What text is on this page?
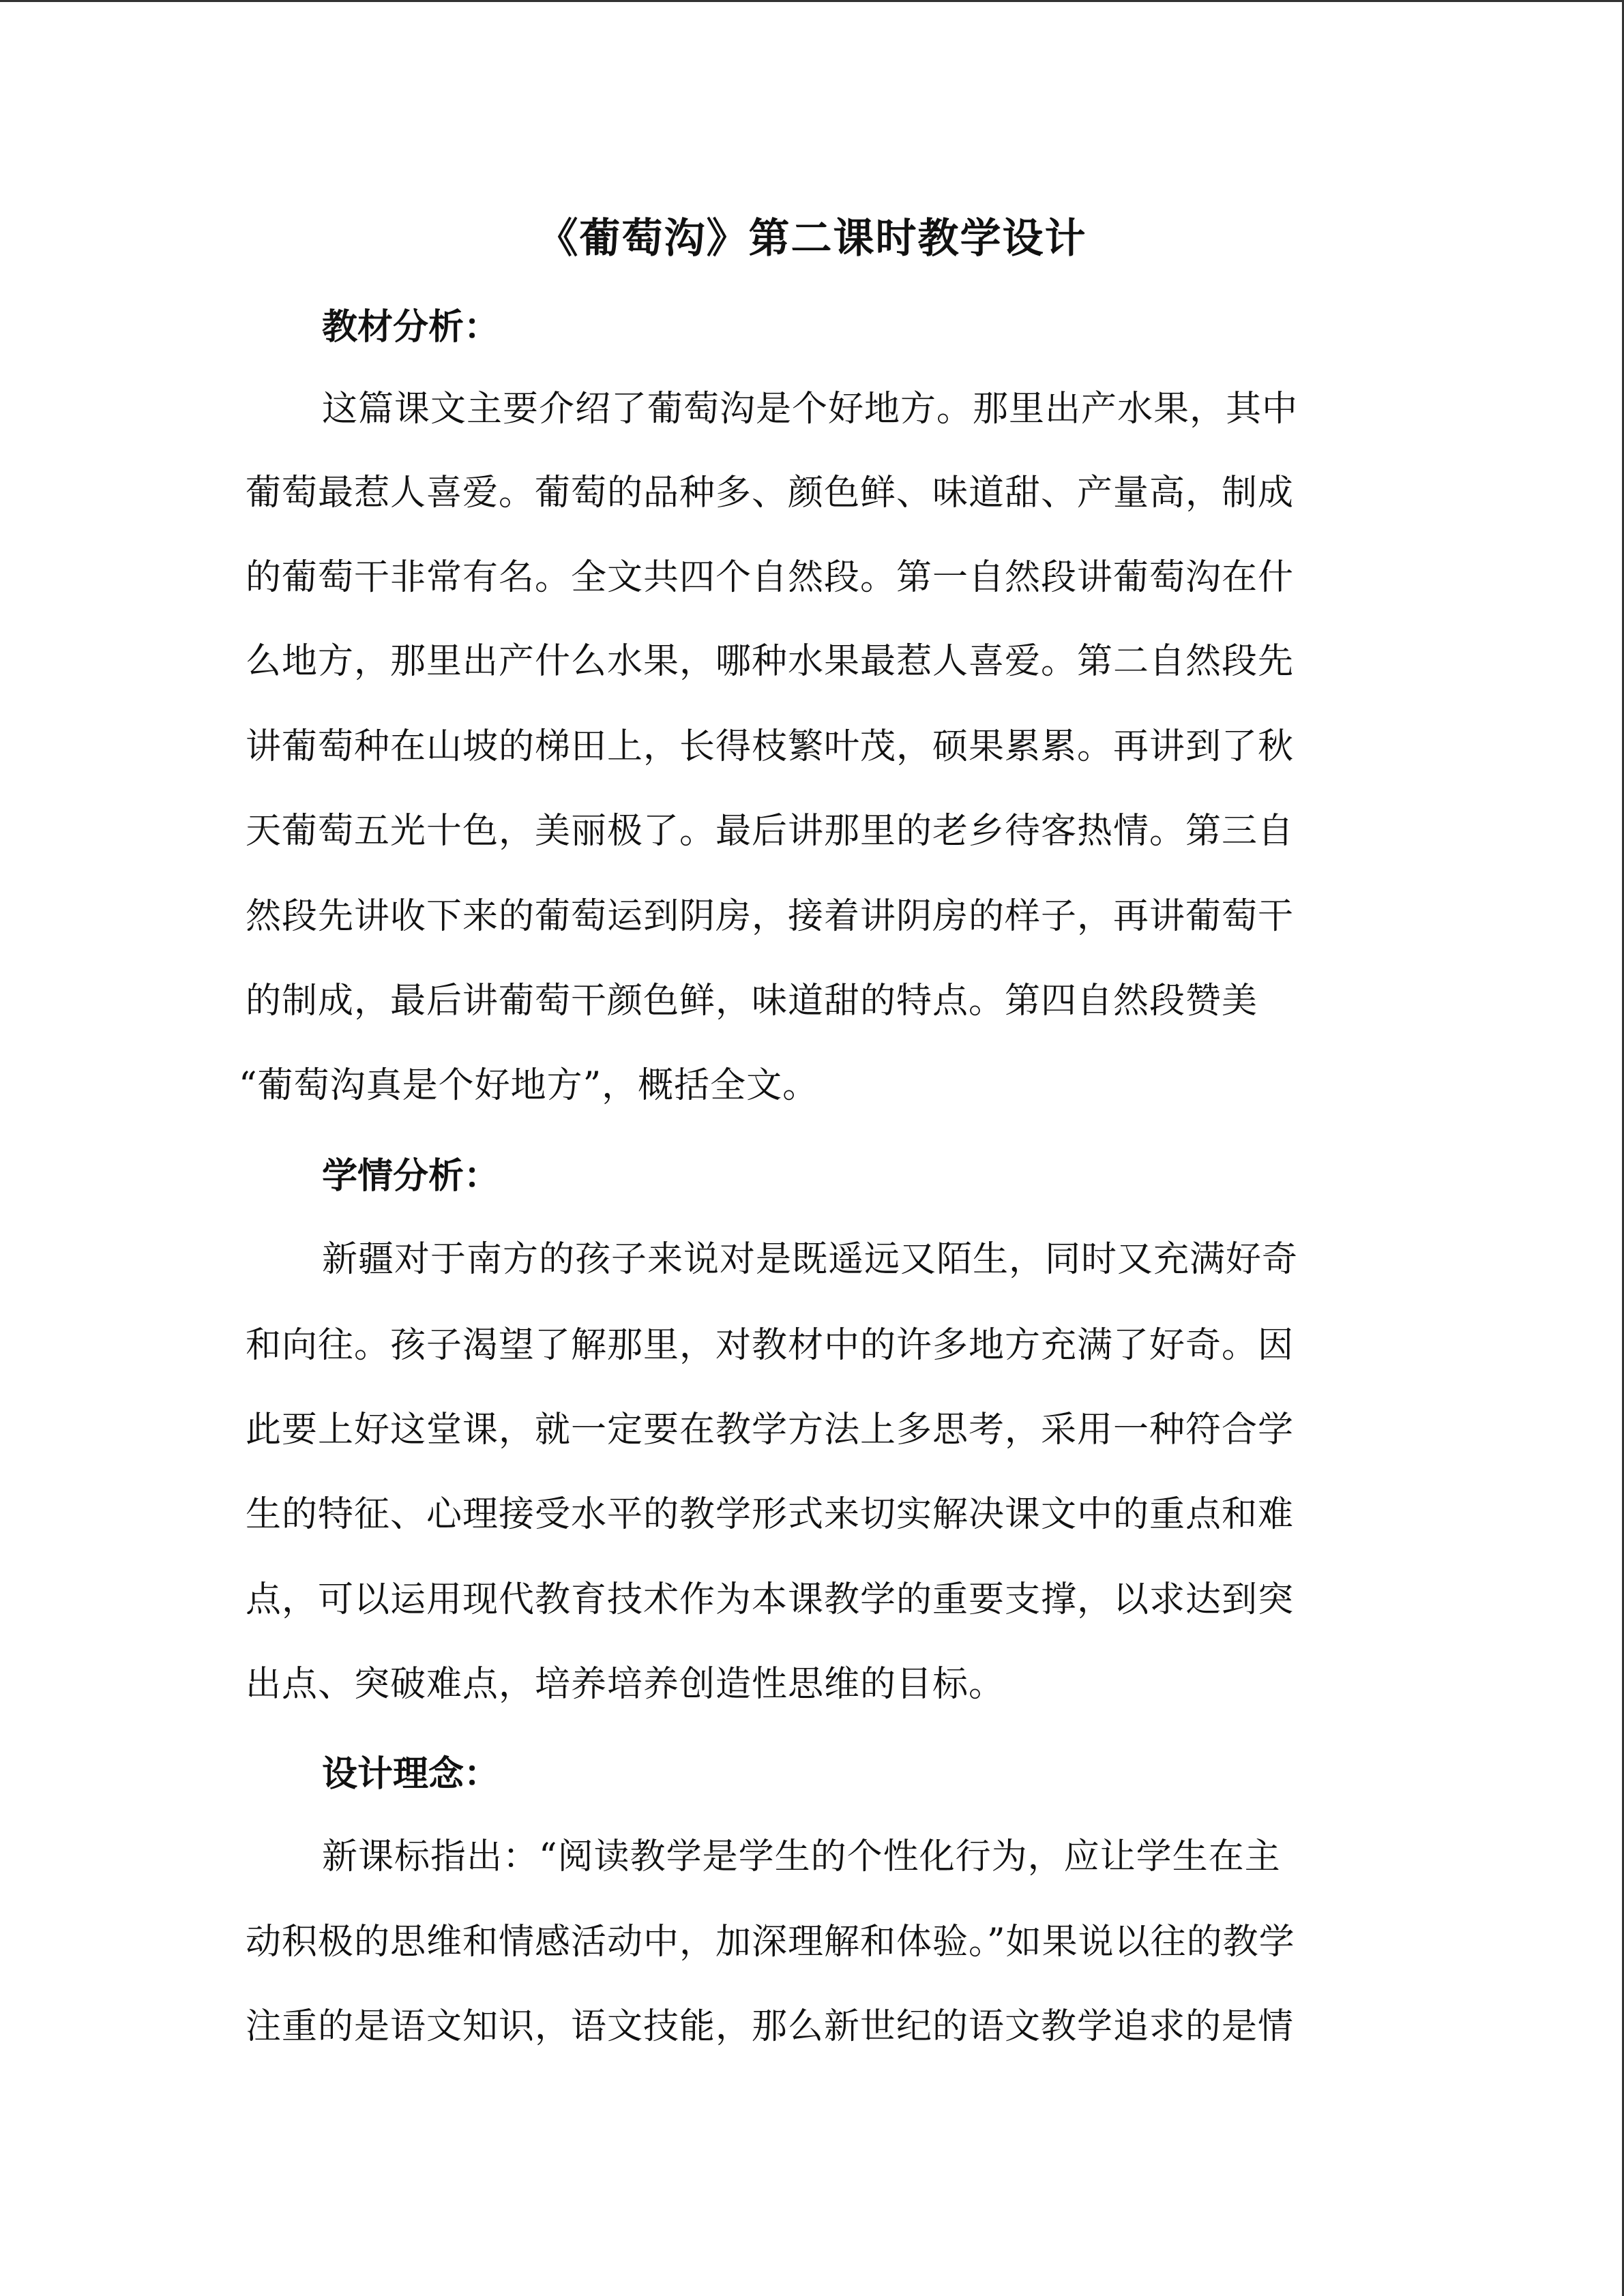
《葡萄沟》第二课时教学设计
教材分析：
这篇课文主要介绍了葡萄沟是个好地方。那里出产水果，其中
葡萄最惹人喜爱。葡萄的品种多、颜色鲜、味道甜、产量高，制成
的葡萄干非常有名。全文共四个自然段。第一自然段讲葡萄沟在什
么地方，那里出产什么水果，哪种水果最惹人喜爱。第二自然段先
讲葡萄种在山坡的梯田上，长得枝繁叶茂，硕果累累。再讲到了秋
天葡萄五光十色，美丽极了。最后讲那里的老乡待客热情。第三自
然段先讲收下来的葡萄运到阴房，接着讲阴房的样子，再讲葡萄干
的制成，最后讲葡萄干颜色鲜，味道甜的特点。第四自然段赞美
“葡萄沟真是个好地方”，概括全文。
学情分析：
新疆对于南方的孩子来说对是既遥远又陌生，同时又充满好奇
和向往。孩子渴望了解那里，对教材中的许多地方充满了好奇。因
此要上好这堂课，就一定要在教学方法上多思考，采用一种符合学
生的特征、心理接受水平的教学形式来切实解决课文中的重点和难
点，可以运用现代教育技术作为本课教学的重要支撑，以求达到突
出点、突破难点，培养培养创造性思维的目标。
设计理念：
新课标指出：“阅读教学是学生的个性化行为，应让学生在主
动积极的思维和情感活动中，加深理解和体验。”如果说以往的教学
注重的是语文知识，语文技能，那么新世纪的语文教学追求的是情
